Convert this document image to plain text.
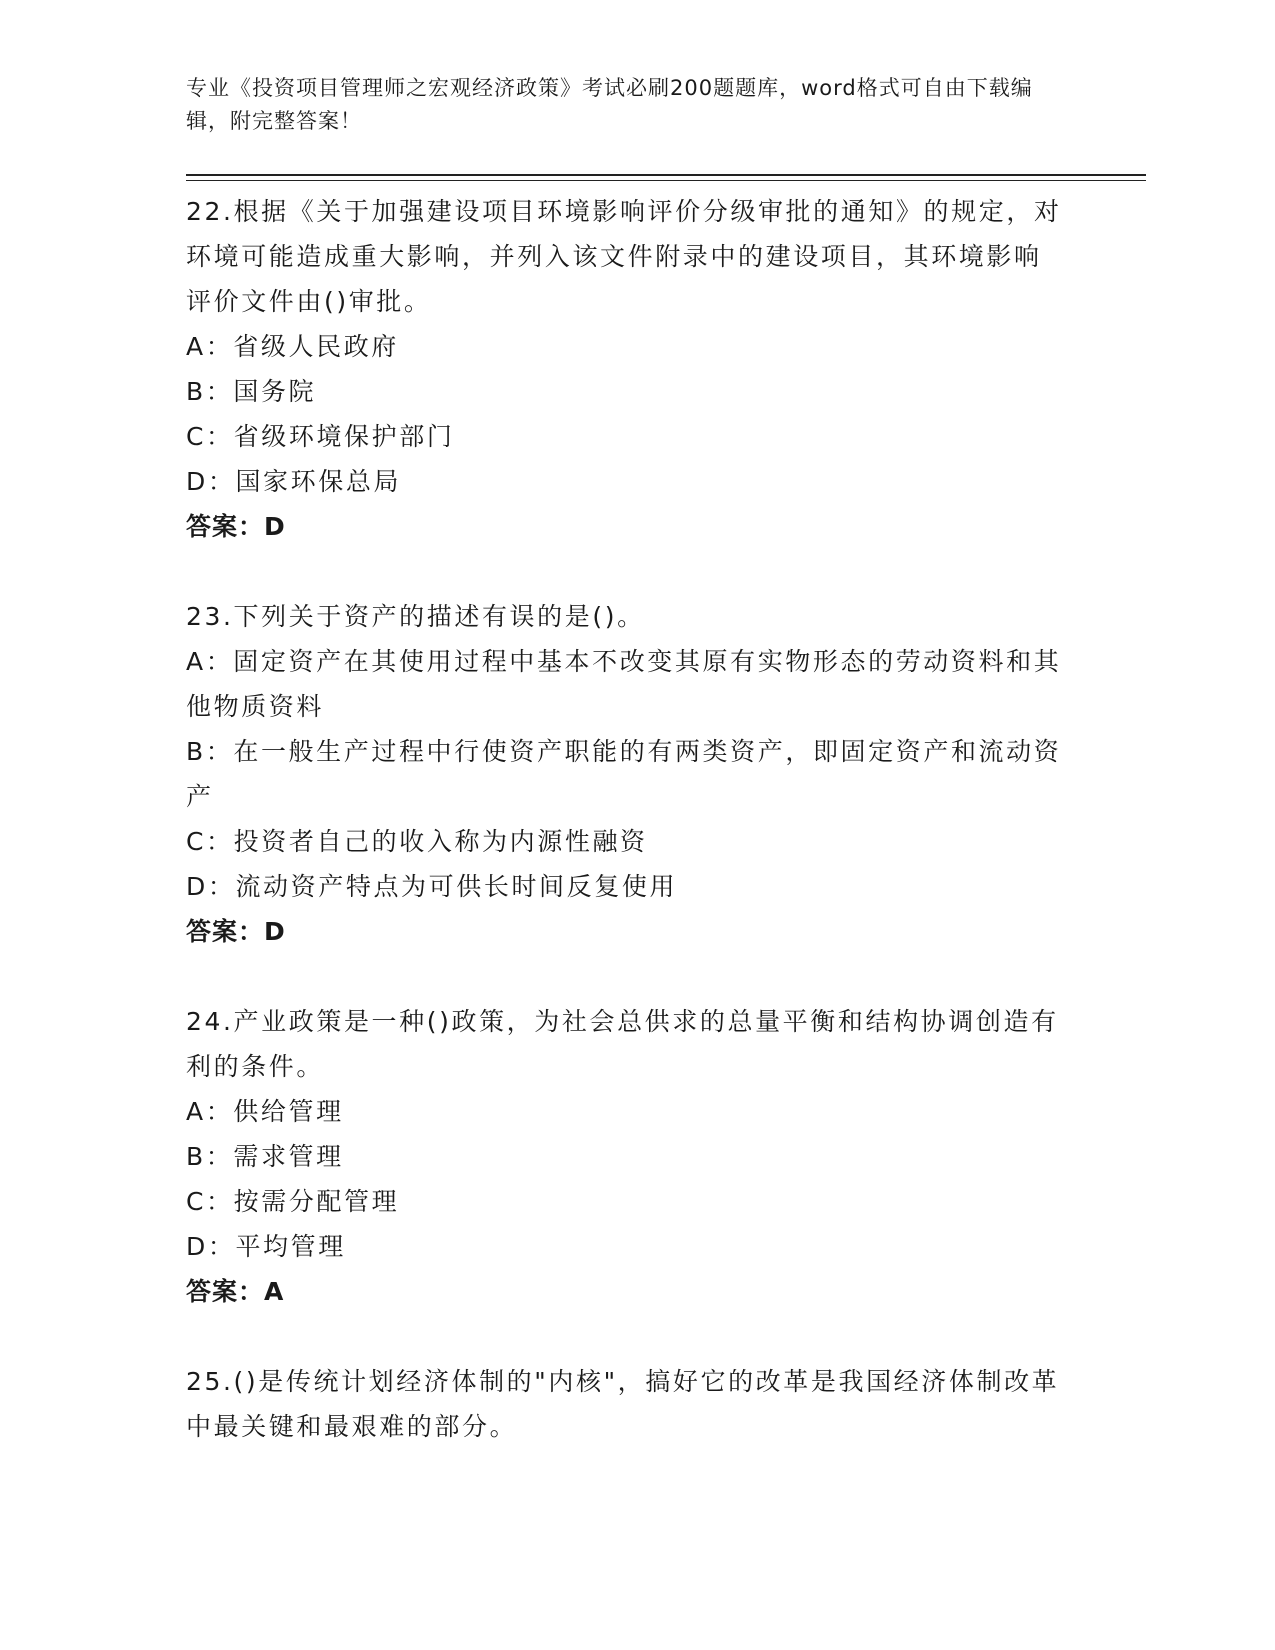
专业《投资项目管理师之宏观经济政策》考试必刷200题题库，word格式可自由下载编辑，附完整答案！
22.根据《关于加强建设项目环境影响评价分级审批的通知》的规定，对环境可能造成重大影响，并列入该文件附录中的建设项目，其环境影响评价文件由()审批。
A：省级人民政府
B：国务院
C：省级环境保护部门
D：国家环保总局
答案：D
23.下列关于资产的描述有误的是()。
A：固定资产在其使用过程中基本不改变其原有实物形态的劳动资料和其他物质资料
B：在一般生产过程中行使资产职能的有两类资产，即固定资产和流动资产
C：投资者自己的收入称为内源性融资
D：流动资产特点为可供长时间反复使用
答案：D
24.产业政策是一种()政策，为社会总供求的总量平衡和结构协调创造有利的条件。
A：供给管理
B：需求管理
C：按需分配管理
D：平均管理
答案：A
25.()是传统计划经济体制的"内核"，搞好它的改革是我国经济体制改革中最关键和最艰难的部分。
